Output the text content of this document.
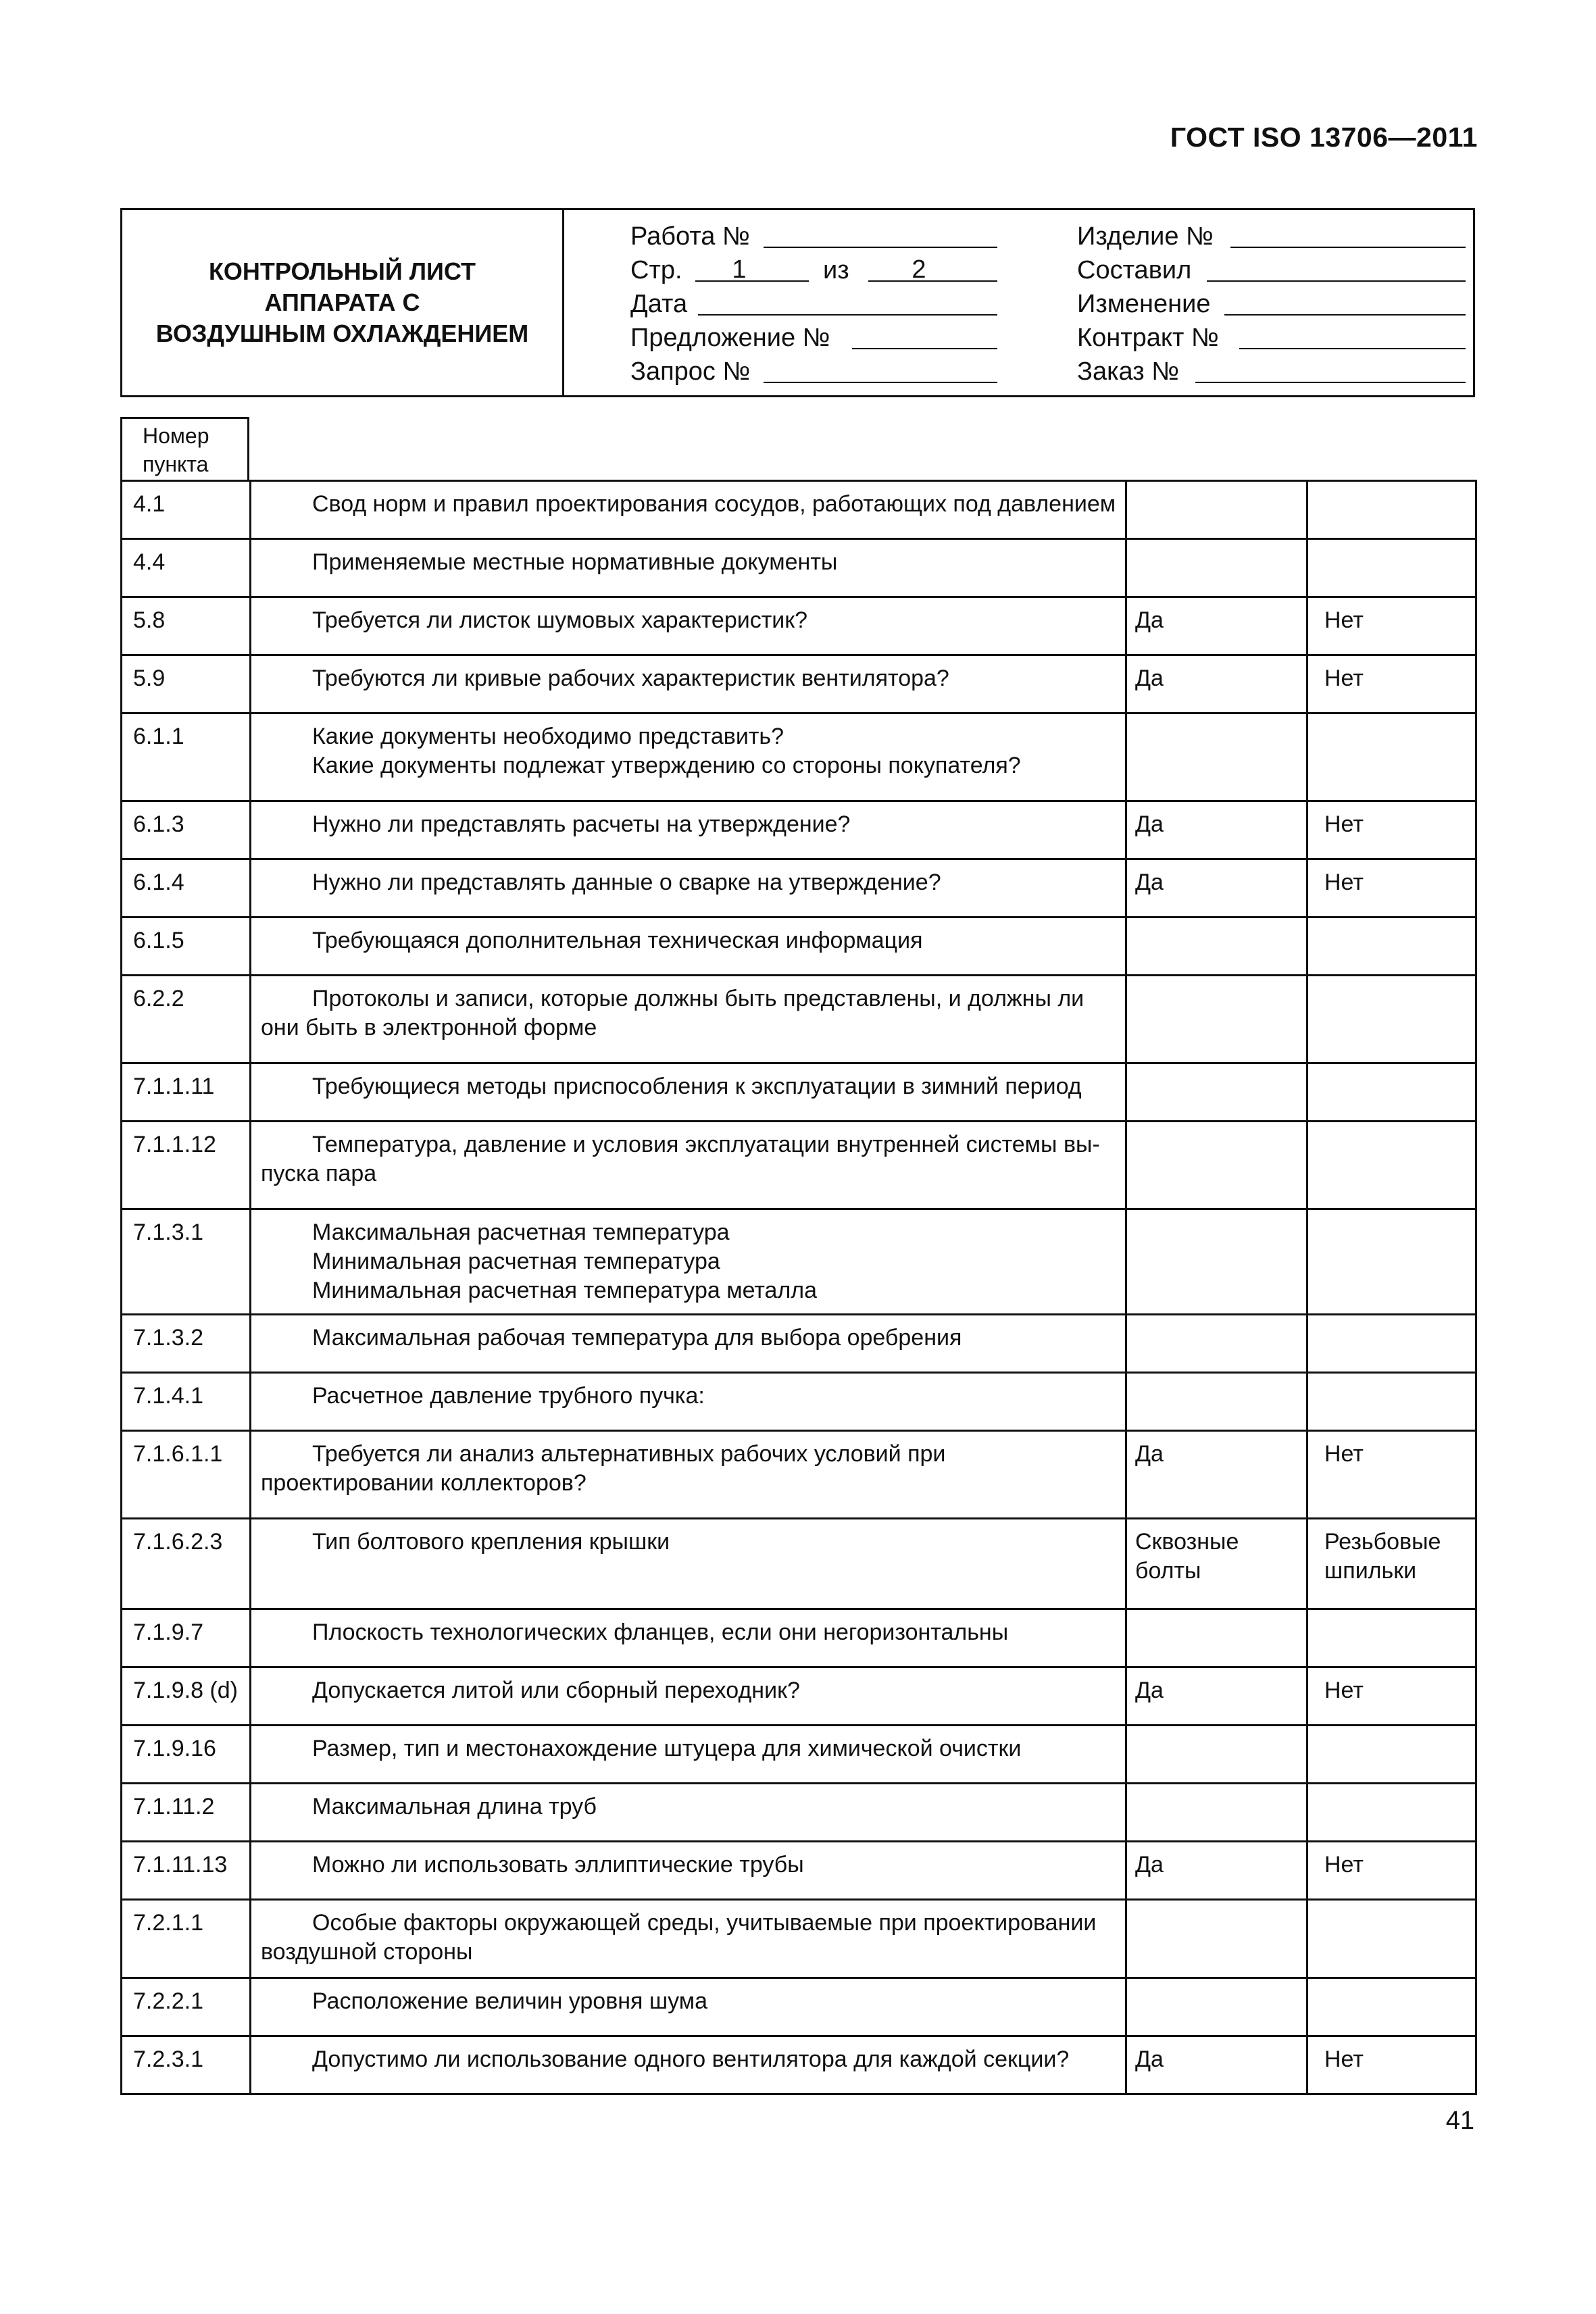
ГОСТ ISO 13706—2011
КОНТРОЛЬНЫЙ ЛИСТ
АППАРАТА С
ВОЗДУШНЫМ ОХЛАЖДЕНИЕМ
Работа №
Стр.	1	из	2
Дата
Предложение №
Запрос №
Изделие №
Составил
Изменение
Контракт №
Заказ №
Номер
пункта
4.1	Свод норм и правил проектирования сосудов, работающих под давлением		

4.4	Применяемые местные нормативные документы		

5.8	Требуется ли листок шумовых характеристик?	Да	Нет
5.9	Требуются ли кривые рабочих характеристик вентилятора?	Да	Нет
6.1.1	Какие документы необходимо представить?
Какие документы подлежат утверждению со стороны покупателя?		

6.1.3	Нужно ли представлять расчеты на утверждение?	Да	Нет
6.1.4	Нужно ли представлять данные о сварке на утверждение?	Да	Нет
6.1.5	Требующаяся дополнительная техническая информация		

6.2.2	Протоколы и записи, которые должны быть представлены, и должны ли они быть в электронной форме		

7.1.1.11	Требующиеся методы приспособления к эксплуатации в зимний период		

7.1.1.12	Температура, давление и условия эксплуатации внутренней системы вы-пуска пара		

7.1.3.1	Максимальная расчетная температура
Минимальная расчетная температура
Минимальная расчетная температура металла		

7.1.3.2	Максимальная рабочая температура для выбора оребрения		

7.1.4.1	Расчетное давление трубного пучка:		

7.1.6.1.1	Требуется ли анализ альтернативных рабочих условий при проектировании коллекторов?	Да	Нет
7.1.6.2.3	Тип болтового крепления крышки	Сквозные болты	Резьбовые шпильки
7.1.9.7	Плоскость технологических фланцев, если они негоризонтальны		

7.1.9.8 (d)	Допускается литой или сборный переходник?	Да	Нет
7.1.9.16	Размер, тип и местонахождение штуцера для химической очистки		

7.1.11.2	Максимальная длина труб		

7.1.11.13	Можно ли использовать эллиптические трубы	Да	Нет
7.2.1.1	Особые факторы окружающей среды, учитываемые при проектировании воздушной стороны		

7.2.2.1	Расположение величин уровня шума		

7.2.3.1	Допустимо ли использование одного вентилятора для каждой секции?	Да	Нет
41
